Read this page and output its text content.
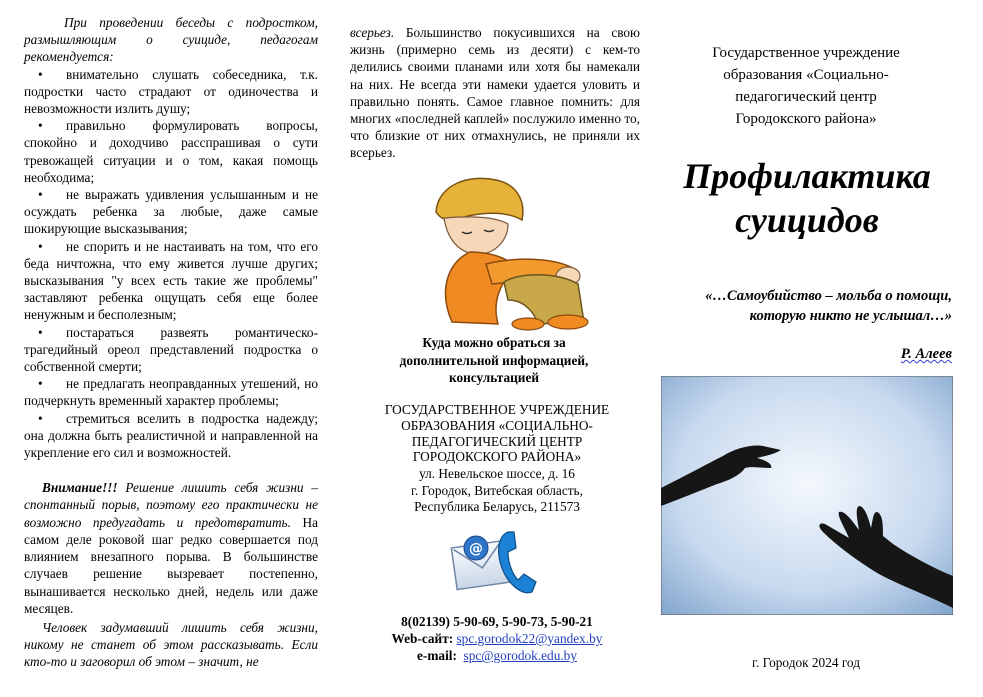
При проведении беседы с подростком, размышляющим о суициде, педагогам рекомендуется:
• внимательно слушать собеседника, т.к. подростки часто страдают от одиночества и невозможности излить душу;
• правильно формулировать вопросы, спокойно и доходчиво расспрашивая о сути тревожащей ситуации и о том, какая помощь необходима;
• не выражать удивления услышанным и не осуждать ребенка за любые, даже самые шокирующие высказывания;
• не спорить и не настаивать на том, что его беда ничтожна, что ему живется лучше других; высказывания "у всех есть такие же проблемы" заставляют ребенка ощущать себя еще более ненужным и бесполезным;
• постараться развеять романтическо-трагедийный ореол представлений подростка о собственной смерти;
• не предлагать неоправданных утешений, но подчеркнуть временный характер проблемы;
• стремиться вселить в подростка надежду; она должна быть реалистичной и направленной на укрепление его сил и возможностей.
Внимание!!! Решение лишить себя жизни – спонтанный порыв, поэтому его практически не возможно предугадать и предотвратить. На самом деле роковой шаг редко совершается под влиянием внезапного порыва. В большинстве случаев решение вызревает постепенно, вынашивается несколько дней, недель или даже месяцев.
Человек задумавший лишить себя жизни, никому не станет об этом рассказывать. Если кто-то и заговорил об этом – значит, не
всерьез. Большинство покусившихся на свою жизнь (примерно семь из десяти) с кем-то делились своими планами или хотя бы намекали на них. Не всегда эти намеки удается уловить и правильно понять. Самое главное помнить: для многих «последней каплей» послужило именно то, что близкие от них отмахнулись, не приняли их всерьез.
Куда можно обраться за дополнительной информацией, консультацией
ГОСУДАРСТВЕННОЕ УЧРЕЖДЕНИЕ ОБРАЗОВАНИЯ «СОЦИАЛЬНО-ПЕДАГОГИЧЕСКИЙ ЦЕНТР ГОРОДОКСКОГО РАЙОНА»
ул. Невельское шоссе, д. 16
г. Городок, Витебская область,
Республика Беларусь, 211573
@
8(02139) 5-90-69, 5-90-73, 5-90-21
Web-сайт: spc.gorodok22@yandex.by
e-mail: spc@gorodok.edu.by
Государственное учреждение образования «Социально-педагогический центр Городокского района»
Профилактика
суицидов
«…Самоубийство – мольба о помощи,
которую никто не услышал…»
Р. Алеев
г. Городок 2024 год
